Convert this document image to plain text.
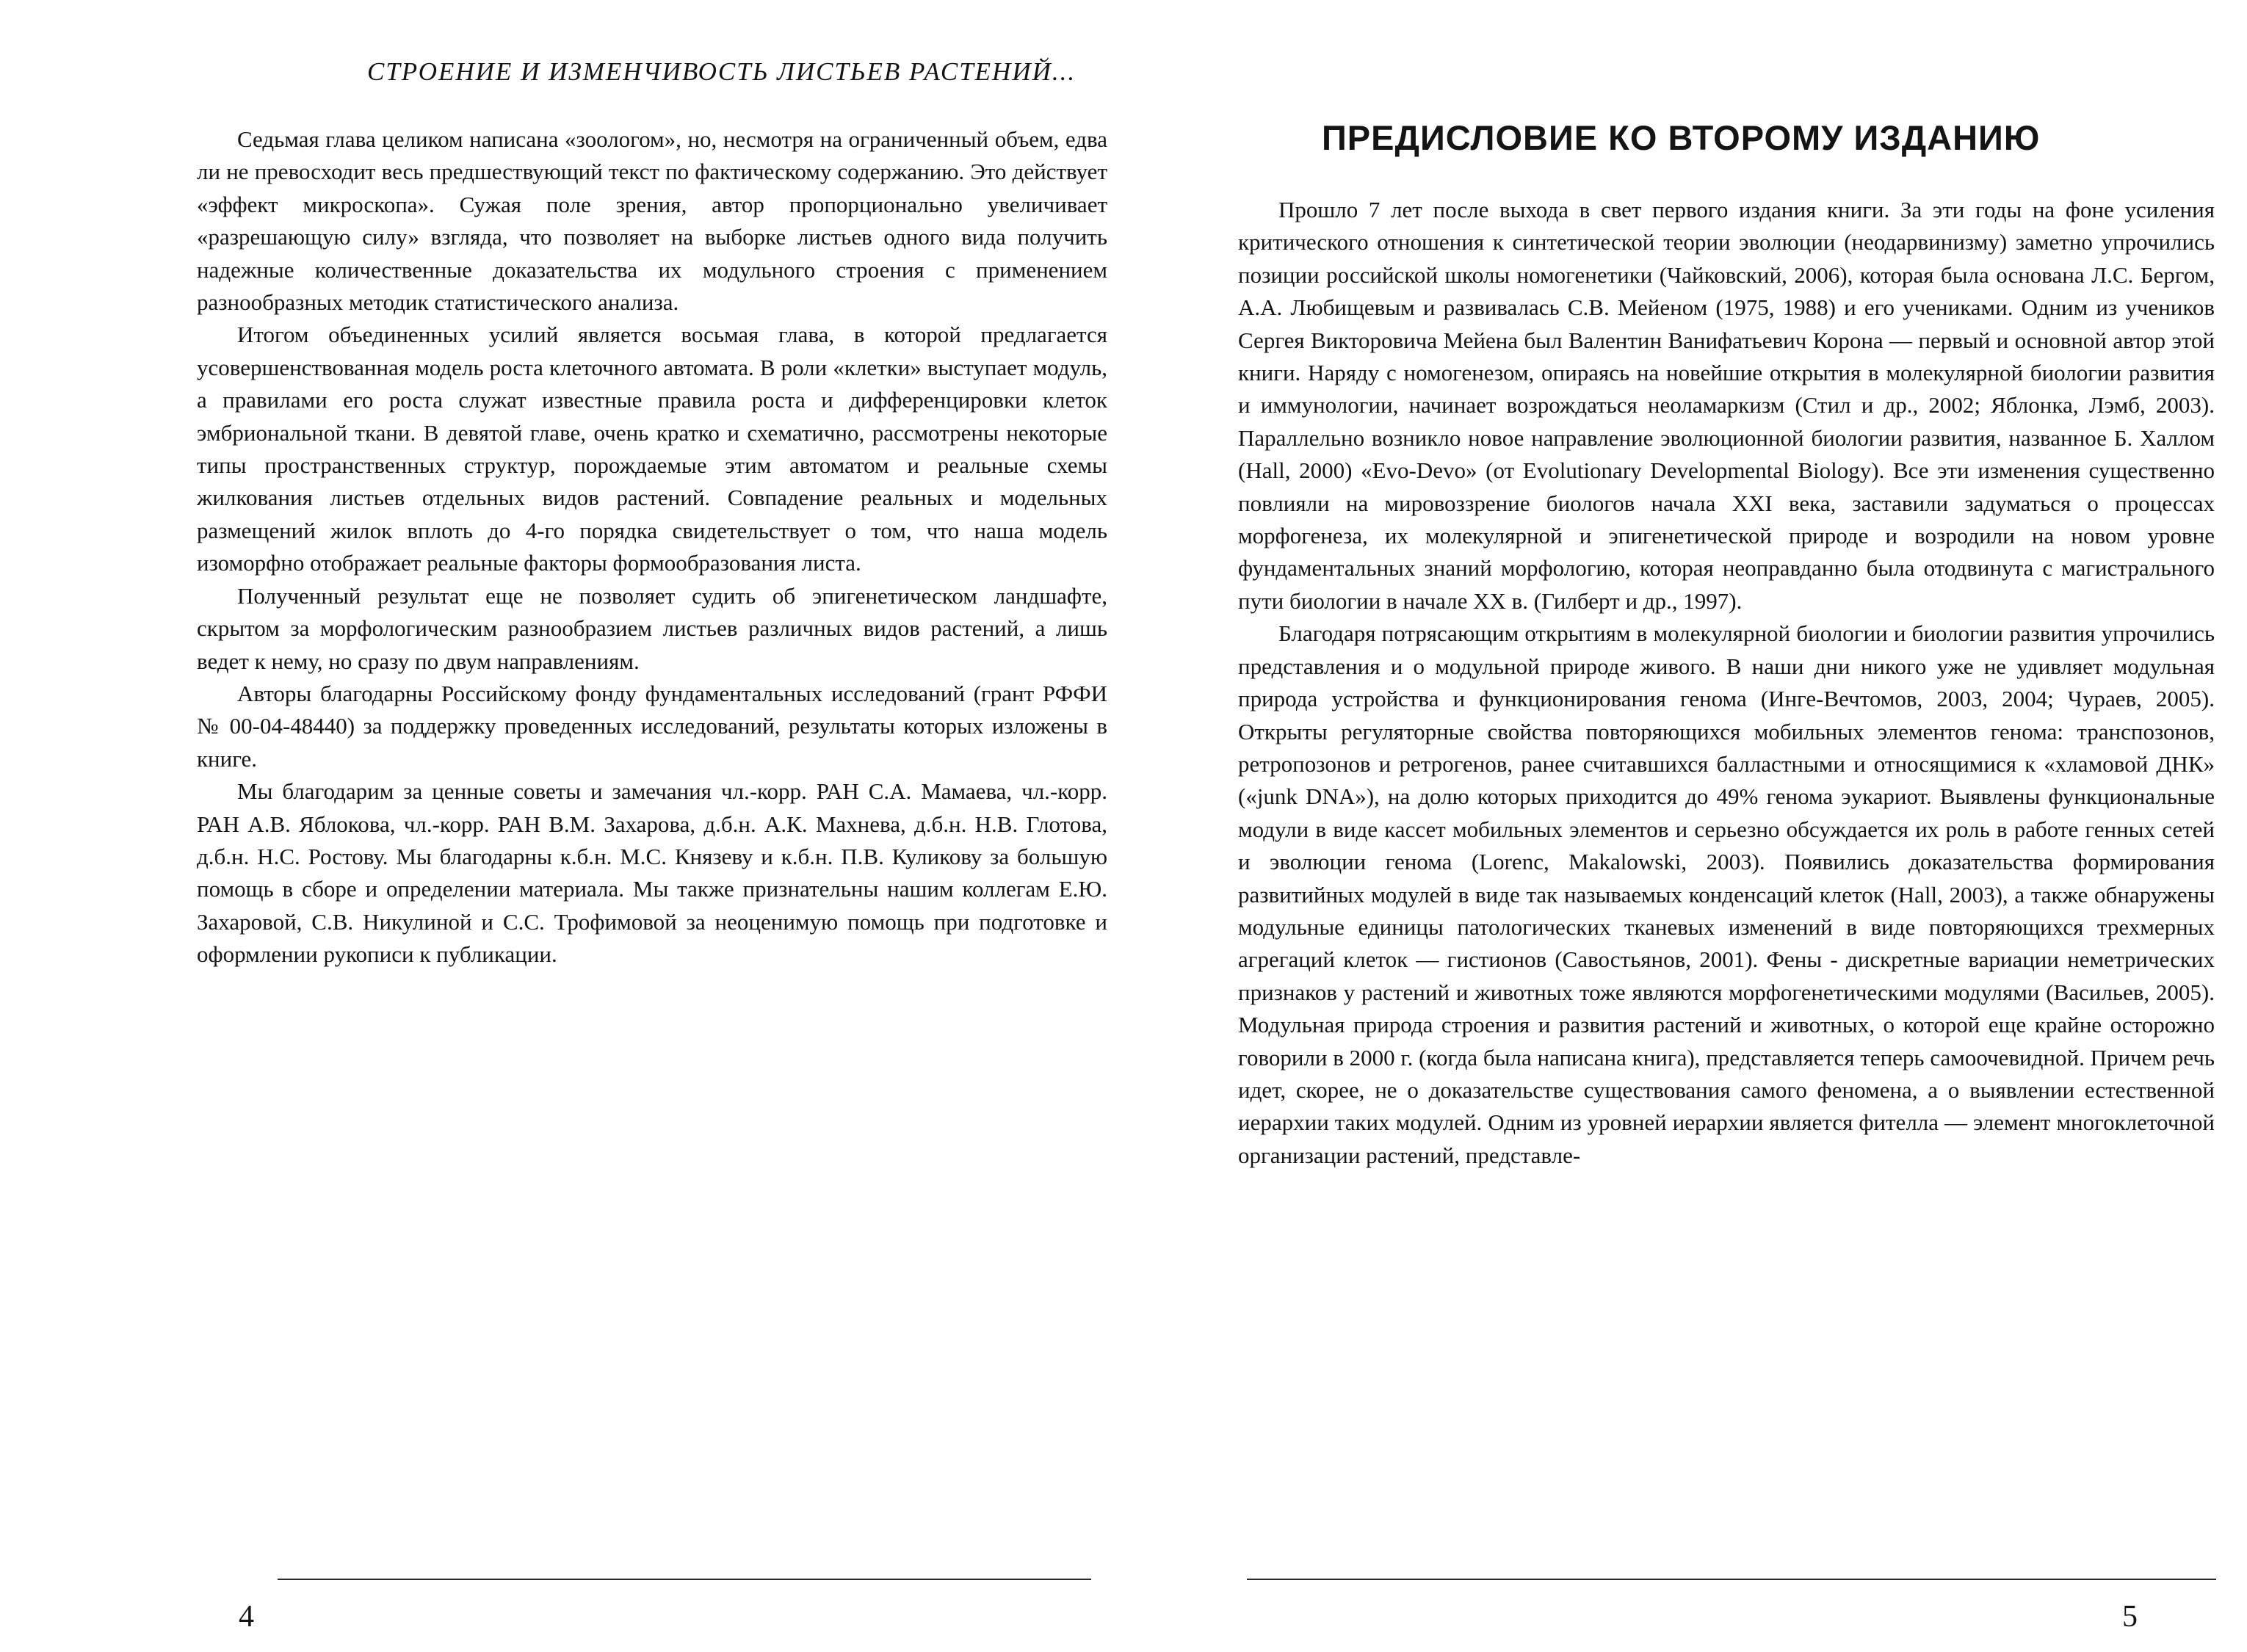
СТРОЕНИЕ И ИЗМЕНЧИВОСТЬ ЛИСТЬЕВ РАСТЕНИЙ...

Седьмая глава целиком написана «зоологом», но, несмотря на ограниченный объем, едва ли не превосходит весь предшествующий текст по фактическому содержанию. Это действует «эффект микроскопа». Сужая поле зрения, автор пропорционально увеличивает «разрешающую силу» взгляда, что позволяет на выборке листьев одного вида получить надежные количественные доказательства их модульного строения с применением разнообразных методик статистического анализа.

Итогом объединенных усилий является восьмая глава, в которой предлагается усовершенствованная модель роста клеточного автомата. В роли «клетки» выступает модуль, а правилами его роста служат известные правила роста и дифференцировки клеток эмбриональной ткани. В девятой главе, очень кратко и схематично, рассмотрены некоторые типы пространственных структур, порождаемые этим автоматом и реальные схемы жилкования листьев отдельных видов растений. Совпадение реальных и модельных размещений жилок вплоть до 4-го порядка свидетельствует о том, что наша модель изоморфно отображает реальные факторы формообразования листа.

Полученный результат еще не позволяет судить об эпигенетическом ландшафте, скрытом за морфологическим разнообразием листьев различных видов растений, а лишь ведет к нему, но сразу по двум направлениям.

Авторы благодарны Российскому фонду фундаментальных исследований (грант РФФИ № 00-04-48440) за поддержку проведенных исследований, результаты которых изложены в книге.

Мы благодарим за ценные советы и замечания чл.-корр. РАН С.А. Мамаева, чл.-корр. РАН А.В. Яблокова, чл.-корр. РАН В.М. Захарова, д.б.н. А.К. Махнева, д.б.н. Н.В. Глотова, д.б.н. Н.С. Ростову. Мы благодарны к.б.н. М.С. Князеву и к.б.н. П.В. Куликову за большую помощь в сборе и определении материала. Мы также признательны нашим коллегам Е.Ю. Захаровой, С.В. Никулиной и С.С. Трофимовой за неоценимую помощь при подготовке и оформлении рукописи к публикации.

4
ПРЕДИСЛОВИЕ КО ВТОРОМУ ИЗДАНИЮ

Прошло 7 лет после выхода в свет первого издания книги. За эти годы на фоне усиления критического отношения к синтетической теории эволюции (неодарвинизму) заметно упрочились позиции российской школы номогенетики (Чайковский, 2006), которая была основана Л.С. Бергом, А.А. Любищевым и развивалась С.В. Мейеном (1975, 1988) и его учениками. Одним из учеников Сергея Викторовича Мейена был Валентин Ванифатьевич Корона — первый и основной автор этой книги. Наряду с номогенезом, опираясь на новейшие открытия в молекулярной биологии развития и иммунологии, начинает возрождаться неоламаркизм (Стил и др., 2002; Яблонка, Лэмб, 2003). Параллельно возникло новое направление эволюционной биологии развития, названное Б. Халлом (Hall, 2000) «Evo-Devo» (от Evolutionary Developmental Biology). Все эти изменения существенно повлияли на мировоззрение биологов начала XXI века, заставили задуматься о процессах морфогенеза, их молекулярной и эпигенетической природе и возродили на новом уровне фундаментальных знаний морфологию, которая неоправданно была отодвинута с магистрального пути биологии в начале XX в. (Гилберт и др., 1997).

Благодаря потрясающим открытиям в молекулярной биологии и биологии развития упрочились представления и о модульной природе живого. В наши дни никого уже не удивляет модульная природа устройства и функционирования генома (Инге-Вечтомов, 2003, 2004; Чураев, 2005). Открыты регуляторные свойства повторяющихся мобильных элементов генома: транспозонов, ретропозонов и ретрогенов, ранее считавшихся балластными и относящимися к «хламовой ДНК» («junk DNA»), на долю которых приходится до 49% генома эукариот. Выявлены функциональные модули в виде кассет мобильных элементов и серьезно обсуждается их роль в работе генных сетей и эволюции генома (Lorenc, Makalowski, 2003). Появились доказательства формирования развитийных модулей в виде так называемых конденсаций клеток (Hall, 2003), а также обнаружены модульные единицы патологических тканевых изменений в виде повторяющихся трехмерных агрегаций клеток — гистионов (Савостьянов, 2001). Фены - дискретные вариации неметрических признаков у растений и животных тоже являются морфогенетическими модулями (Васильев, 2005). Модульная природа строения и развития растений и животных, о которой еще крайне осторожно говорили в 2000 г. (когда была написана книга), представляется теперь самоочевидной. Причем речь идет, скорее, не о доказательстве существования самого феномена, а о выявлении естественной иерархии таких модулей. Одним из уровней иерархии является фителла — элемент многоклеточной организации растений, представле-

5
